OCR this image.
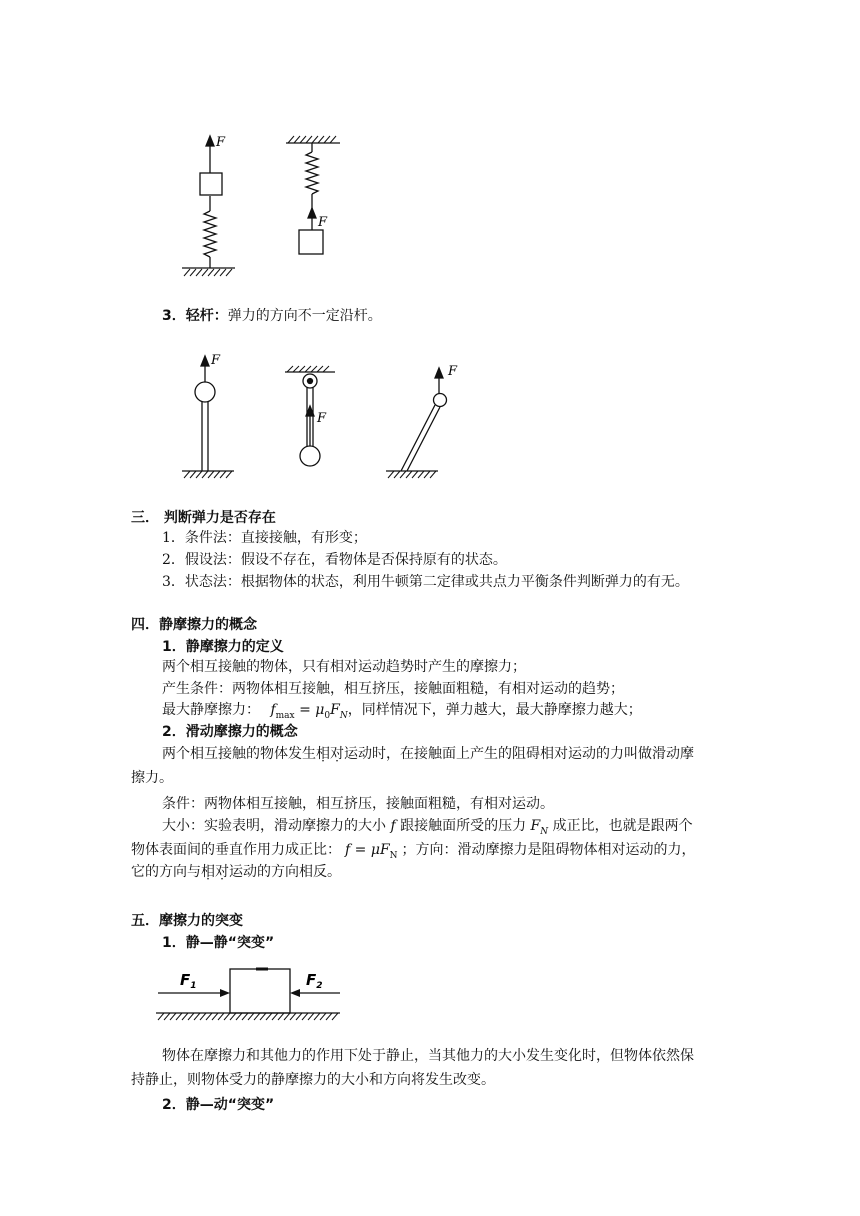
F
F
3．轻杆：弹力的方向不一定沿杆。
F
F
F
三． 判断弹力是否存在
1．条件法：直接接触，有形变；
2．假设法：假设不存在，看物体是否保持原有的状态。
3．状态法：根据物体的状态，利用牛顿第二定律或共点力平衡条件判断弹力的有无。
四．静摩擦力的概念
1．静摩擦力的定义
两个相互接触的物体，只有相对运动趋势时产生的摩擦力；
产生条件：两物体相互接触，相互挤压，接触面粗糙，有相对运动的趋势；
最大静摩擦力： $f_{max} = \mu_0F_N$，同样情况下，弹力越大，最大静摩擦力越大；
2．滑动摩擦力的概念
两个相互接触的物体发生相对运动时，在接触面上产生的阻碍相对运动的力叫做滑动摩
擦力。
条件：两物体相互接触，相互挤压，接触面粗糙，有相对运动。
大小：实验表明，滑动摩擦力的大小 f 跟接触面所受的压力 $F_N$ 成正比，也就是跟两个
物体表面间的垂直作用力成正比： $f = \mu F_N$ ；方向：滑动摩擦力是阻碍物体相对运动的力，
它的方向与相对运动的方向相反。
五．摩擦力的突变
1．静—静“突变”
$F_1$	$F_2$
物体在摩擦力和其他力的作用下处于静止，当其他力的大小发生变化时，但物体依然保
持静止，则物体受力的静摩擦力的大小和方向将发生改变。
2．静—动“突变”
